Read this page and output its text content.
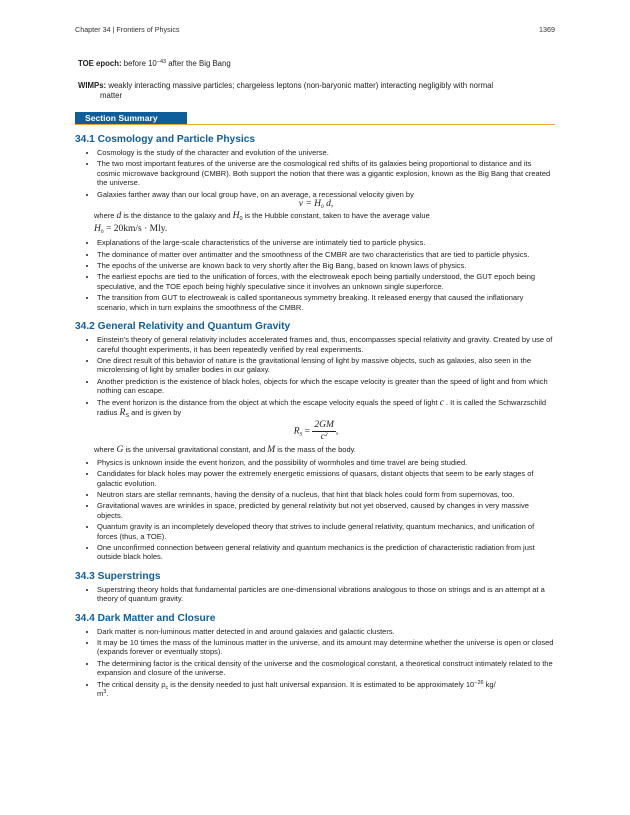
Chapter 34 | Frontiers of Physics	1369
TOE epoch: before $10^{-43}$ after the Big Bang
WIMPs: weakly interacting massive particles; chargeless leptons (non-baryonic matter) interacting negligibly with normal
matter
Section Summary
34.1 Cosmology and Particle Physics
• Cosmology is the study of the character and evolution of the universe.
• The two most important features of the universe are the cosmological red shifts of its galaxies being proportional to distance and its cosmic microwave background (CMBR). Both support the notion that there was a gigantic explosion, known as the Big Bang that created the universe.
• Galaxies farther away than our local group have, on an average, a recessional velocity given by
$v = H_0$ d,
where d is the distance to the galaxy and $H_0$ is the Hubble constant, taken to have the average value
$H_0 = 20km/s$ · Mly.
• Explanations of the large-scale characteristics of the universe are intimately tied to particle physics.
• The dominance of matter over antimatter and the smoothness of the CMBR are two characteristics that are tied to particle physics.
• The epochs of the universe are known back to very shortly after the Big Bang, based on known laws of physics.
• The earliest epochs are tied to the unification of forces, with the electroweak epoch being partially understood, the GUT epoch being speculative, and the TOE epoch being highly speculative since it involves an unknown single superforce.
• The transition from GUT to electroweak is called spontaneous symmetry breaking. It released energy that caused the inflationary scenario, which in turn explains the smoothness of the CMBR.
34.2 General Relativity and Quantum Gravity
• Einstein’s theory of general relativity includes accelerated frames and, thus, encompasses special relativity and gravity. Created by use of careful thought experiments, it has been repeatedly verified by real experiments.
• One direct result of this behavior of nature is the gravitational lensing of light by massive objects, such as galaxies, also seen in the microlensing of light by smaller bodies in our galaxy.
• Another prediction is the existence of black holes, objects for which the escape velocity is greater than the speed of light and from which nothing can escape.
• The event horizon is the distance from the object at which the escape velocity equals the speed of light c . It is called the Schwarzschild radius $R_S$ and is given by
$R_S = \frac{2GM}{c^2}$ ,
where G is the universal gravitational constant, and M is the mass of the body.
• Physics is unknown inside the event horizon, and the possibility of wormholes and time travel are being studied.
• Candidates for black holes may power the extremely energetic emissions of quasars, distant objects that seem to be early stages of galactic evolution.
• Neutron stars are stellar remnants, having the density of a nucleus, that hint that black holes could form from supernovas, too.
• Gravitational waves are wrinkles in space, predicted by general relativity but not yet observed, caused by changes in very massive objects.
• Quantum gravity is an incompletely developed theory that strives to include general relativity, quantum mechanics, and unification of forces (thus, a TOE).
• One unconfirmed connection between general relativity and quantum mechanics is the prediction of characteristic radiation from just outside black holes.
34.3 Superstrings
• Superstring theory holds that fundamental particles are one-dimensional vibrations analogous to those on strings and is an attempt at a theory of quantum gravity.
34.4 Dark Matter and Closure
• Dark matter is non-luminous matter detected in and around galaxies and galactic clusters.
• It may be 10 times the mass of the luminous matter in the universe, and its amount may determine whether the universe is open or closed (expands forever or eventually stops).
• The determining factor is the critical density of the universe and the cosmological constant, a theoretical construct intimately related to the expansion and closure of the universe.
• The critical density $\rho_c$ is the density needed to just halt universal expansion. It is estimated to be approximately $10^{-26}$ kg/
$m^3$.
